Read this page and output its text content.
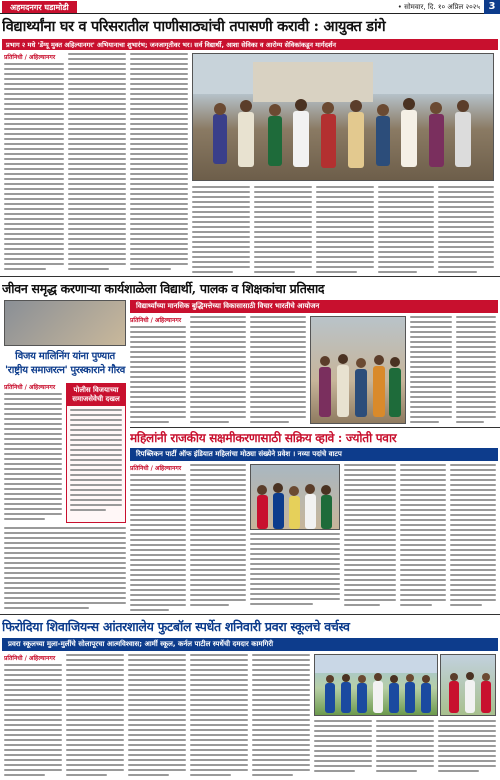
अहमदनगर घडामोडी	• सोमवार, दि. १० अप्रिल २०२५ 3
विद्यार्थ्यांना घर व परिसरातील पाणीसाठ्यांची तपासणी करावी : आयुक्त डांगे
प्रभाग २ मधे 'डेंग्यू मुक्त अहिल्यानगर' अभियानाचा शुभारंभ; जनजागृतीवर भर। सर्व विद्यार्थी, आशा सेविका व आरोग्य सेविकांकडून मार्गदर्शन
प्रतिनिधी / अहिल्यानगर
जीवन समृद्ध करणाऱ्या कार्यशाळेला विद्यार्थी, पालक व शिक्षकांचा प्रतिसाद
विद्यार्थ्यांच्या मानसिक बुद्धिमत्तेच्या विकासासाठी विचार भारतीचे आयोजन
विजय मालिनिंग यांना पुण्यात 'राष्ट्रीय समाजरत्न' पुरस्काराने गौरव
प्रतिनिधी / अहिल्यानगर	पोलीस विजयाच्या समाजसेवेची दखल
प्रतिनिधी / अहिल्यानगर
महिलांनी राजकीय सक्षमीकरणासाठी सक्रिय व्हावे : ज्योती पवार
रिपब्लिकन पार्टी ऑफ इंडियात महिलांचा मोठ्या संख्येने प्रवेश । नव्या पदांचे वाटप
प्रतिनिधी / अहिल्यानगर
फिरोदिया शिवाजियन्स आंतरशालेय फुटबॉल स्पर्धेत शनिवारी प्रवरा स्कूलचे वर्चस्व
प्रवरा स्कूलच्या मुला-मुलींचे सोलापूरचा आत्मविश्वास; आर्मी स्कूल, कर्नल पाटील स्पर्धेची दमदार कामगिरी
प्रतिनिधी / अहिल्यानगर
